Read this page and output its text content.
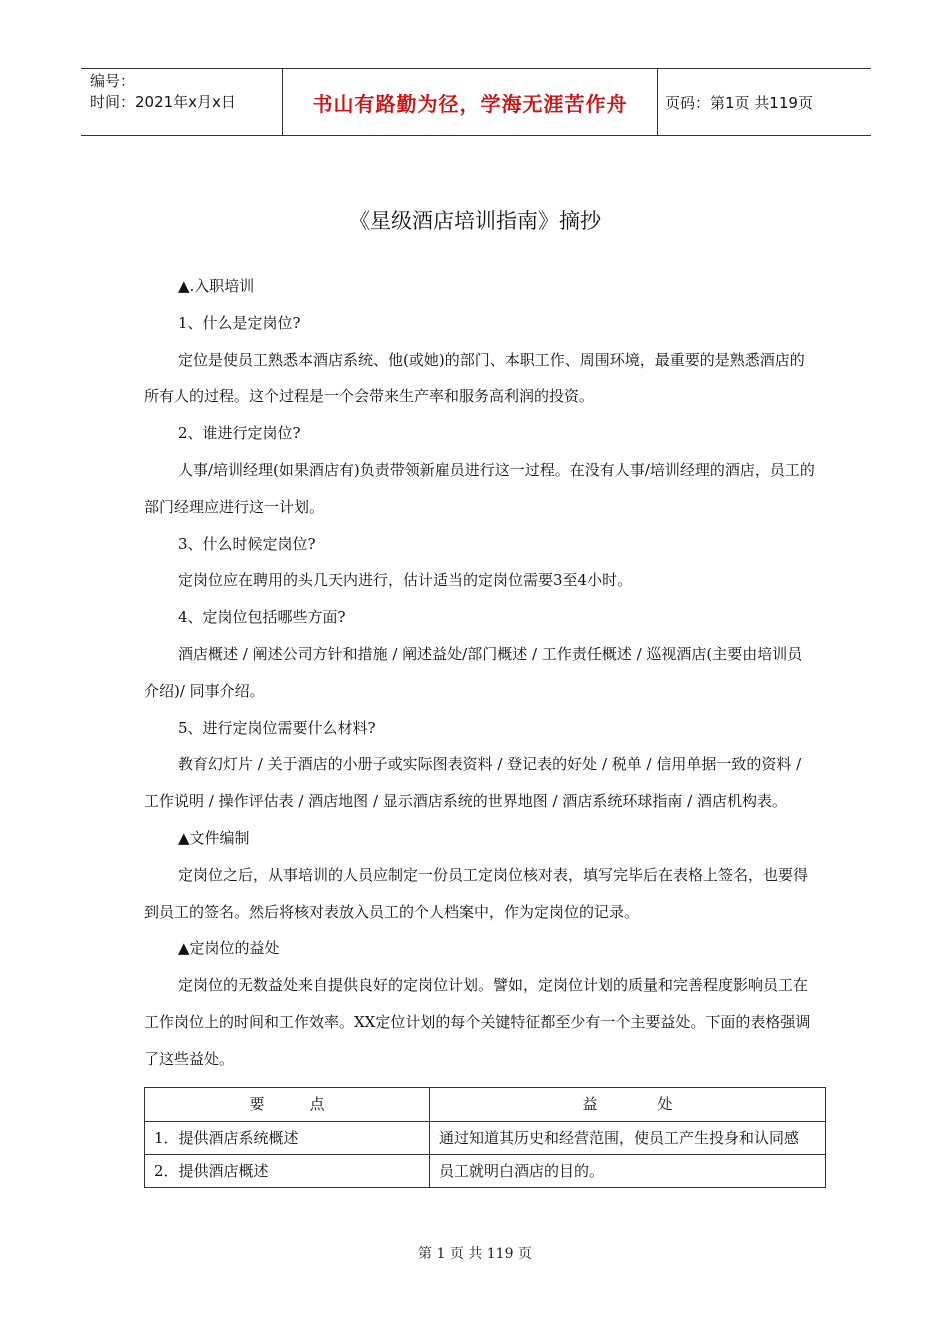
编号：
时间：2021年x月x日	书山有路勤为径，学海无涯苦作舟	页码：第1页 共119页
《星级酒店培训指南》摘抄

▲.入职培训

1、什么是定岗位?

定位是使员工熟悉本酒店系统、他(或她)的部门、本职工作、周围环境，最重要的是熟悉酒店的所有人的过程。这个过程是一个会带来生产率和服务高利润的投资。

2、谁进行定岗位?

人事/培训经理(如果酒店有)负责带领新雇员进行这一过程。在没有人事/培训经理的酒店，员工的部门经理应进行这一计划。

3、什么时候定岗位?

定岗位应在聘用的头几天内进行，估计适当的定岗位需要3至4小时。

4、定岗位包括哪些方面?

酒店概述 / 阐述公司方针和措施 / 阐述益处/部门概述 / 工作责任概述 / 巡视酒店(主要由培训员介绍)/ 同事介绍。

5、进行定岗位需要什么材料?

教育幻灯片 / 关于酒店的小册子或实际图表资料 / 登记表的好处 / 税单 / 信用单据一致的资料 / 工作说明 / 操作评估表 / 酒店地图 / 显示酒店系统的世界地图 / 酒店系统环球指南 / 酒店机构表。

▲文件编制

定岗位之后，从事培训的人员应制定一份员工定岗位核对表，填写完毕后在表格上签名，也要得到员工的签名。然后将核对表放入员工的个人档案中，作为定岗位的记录。

▲定岗位的益处

定岗位的无数益处来自提供良好的定岗位计划。譬如，定岗位计划的质量和完善程度影响员工在工作岗位上的时间和工作效率。XX定位计划的每个关键特征都至少有一个主要益处。下面的表格强调了这些益处。

要　　　点	益　　　　处
1．提供酒店系统概述	通过知道其历史和经营范围，使员工产生投身和认同感
2．提供酒店概述	员工就明白酒店的目的。
第 1 页 共 119 页
